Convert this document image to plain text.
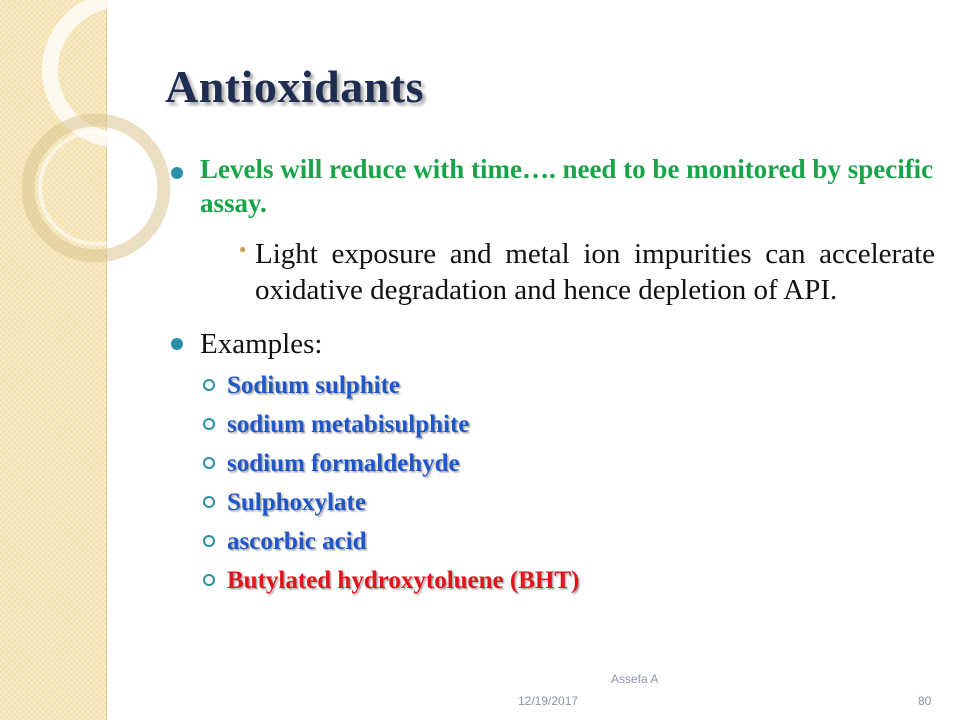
Antioxidants
Levels will reduce with time…. need to be monitored by specific assay.
● Light exposure and metal ion impurities can accelerate oxidative degradation and hence depletion of API.
Examples:
Sodium sulphite
sodium metabisulphite
sodium formaldehyde
Sulphoxylate
ascorbic acid
Butylated hydroxytoluene (BHT)
Assefa A
12/19/2017	80
